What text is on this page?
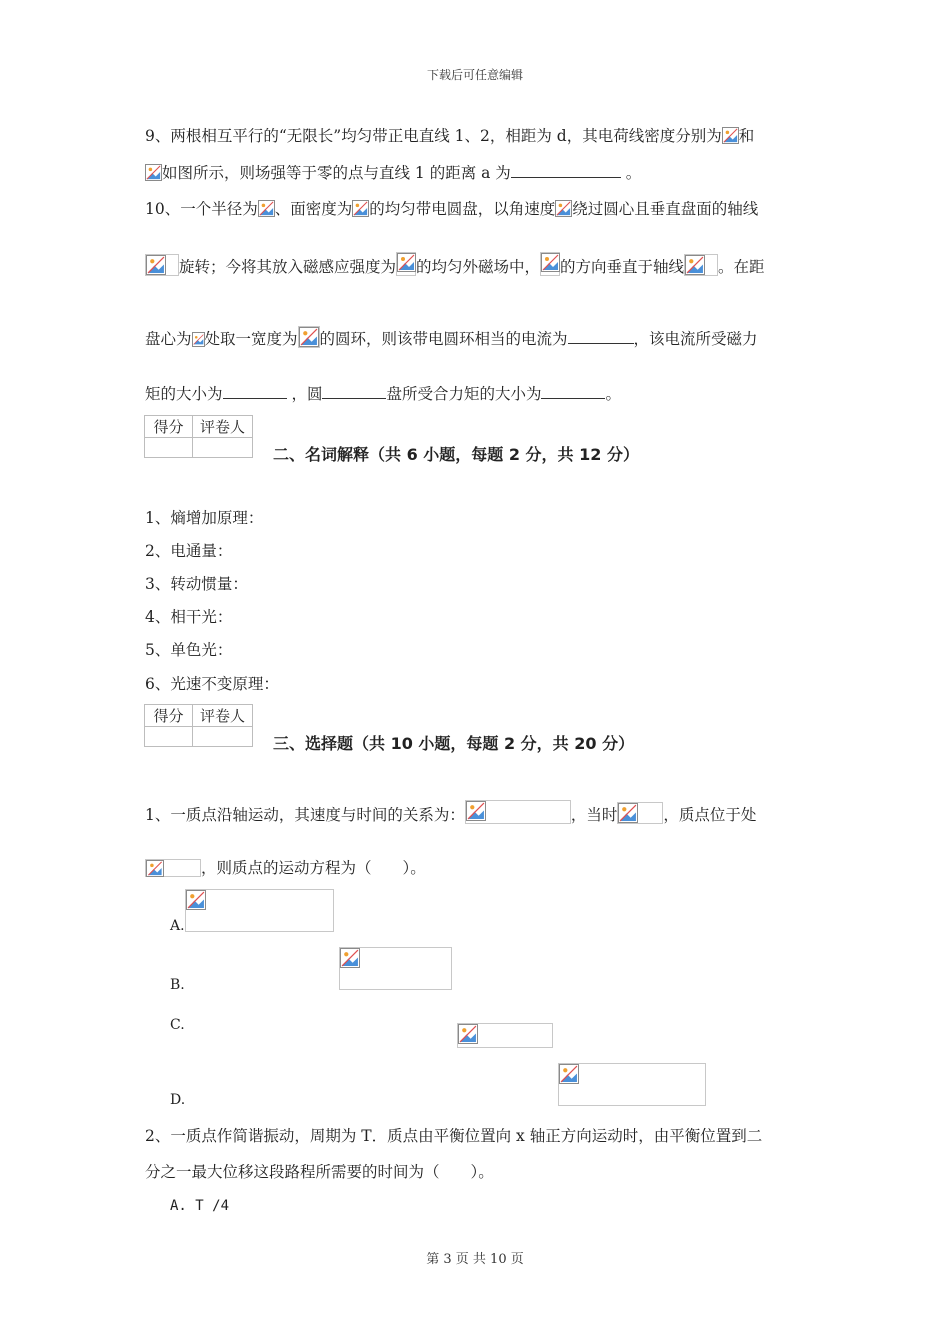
下载后可任意编辑
第 3 页 共 10 页
9、两根相互平行的“无限长”均匀带正电直线 1、2，相距为 d，其电荷线密度分别为 和
如图所示，则场强等于零的点与直线 1 的距离 a 为	。
10、一个半径为 、面密度为 的均匀带电圆盘，以角速度 绕过圆心且垂直盘面的轴线
旋转；今将其放入磁感应强度为 的均匀外磁场中， 的方向垂直于轴线 。在距
盘心为 处取一宽度为 的圆环，则该带电圆环相当的电流为	，该电流所受磁力
矩的大小为	，圆	盘所受合力矩的大小为	。
得分	评卷人

二、名词解释（共 6 小题，每题 2 分，共 12 分）
1、熵增加原理：
2、电通量：
3、转动惯量：
4、相干光：
5、单色光：
6、光速不变原理：
得分	评卷人

三、选择题（共 10 小题，每题 2 分，共 20 分）
1、一质点沿轴运动，其速度与时间的关系为：	，当时	，质点位于处
，则质点的运动方程为（　　）。
A.

B.

C.

D.
2、一质点作简谐振动，周期为 T．质点由平衡位置向 x 轴正方向运动时，由平衡位置到二
分之一最大位移这段路程所需要的时间为（　　）。
A. T /4
